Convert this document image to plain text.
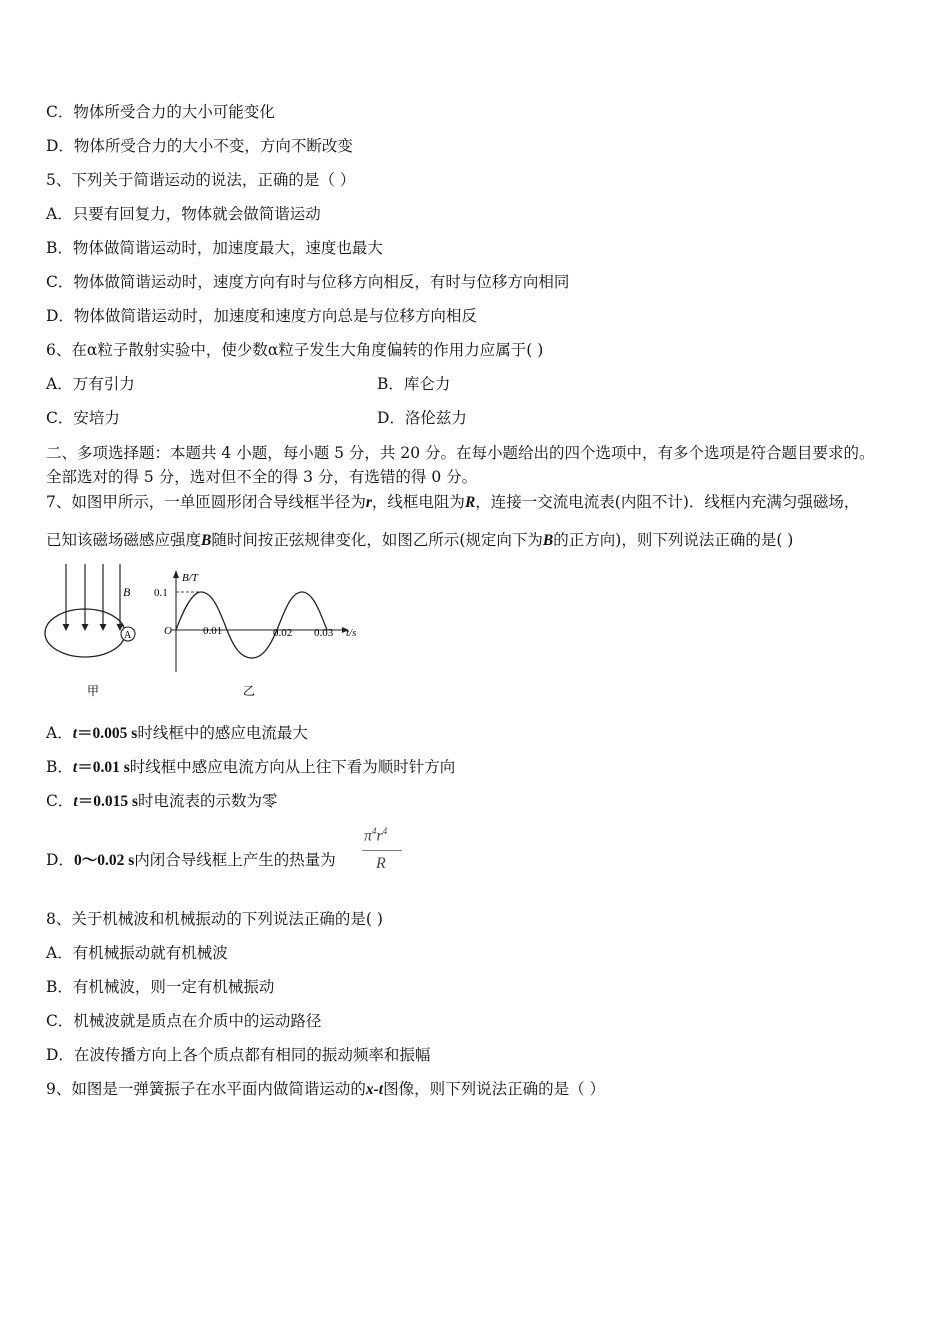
C．物体所受合力的大小可能变化
D．物体所受合力的大小不变，方向不断改变
5、下列关于简谐运动的说法，正确的是（ ）
A．只要有回复力，物体就会做简谐运动
B．物体做简谐运动时，加速度最大，速度也最大
C．物体做简谐运动时，速度方向有时与位移方向相反，有时与位移方向相同
D．物体做简谐运动时，加速度和速度方向总是与位移方向相反
6、在α粒子散射实验中，使少数α粒子发生大角度偏转的作用力应属于( )
A．万有引力	B．库仑力
C．安培力	D．洛伦兹力
二、多项选择题：本题共 4 小题，每小题 5 分，共 20 分。在每小题给出的四个选项中，有多个选项是符合题目要求的。
全部选对的得 5 分，选对但不全的得 3 分，有选错的得 0 分。
7、如图甲所示，一单匝圆形闭合导线框半径为r，线框电阻为R，连接一交流电流表(内阻不计)．线框内充满匀强磁场，
已知该磁场磁感应强度B随时间按正弦规律变化，如图乙所示(规定向下为B的正方向)，则下列说法正确的是( )
B
A
甲
B/T
0.1
O	0.01	0.02 0.03 t/s
乙
A．t＝0.005 s时线框中的感应电流最大
B．t＝0.01 s时线框中感应电流方向从上往下看为顺时针方向
C．t＝0.015 s时电流表的示数为零
D．0～0.02 s内闭合导线框上产生的热量为
$\pi^4r^4$
R
8、关于机械波和机械振动的下列说法正确的是( )
A．有机械振动就有机械波
B．有机械波，则一定有机械振动
C．机械波就是质点在介质中的运动路径
D．在波传播方向上各个质点都有相同的振动频率和振幅
9、如图是一弹簧振子在水平面内做简谐运动的x-t图像，则下列说法正确的是（ ）
